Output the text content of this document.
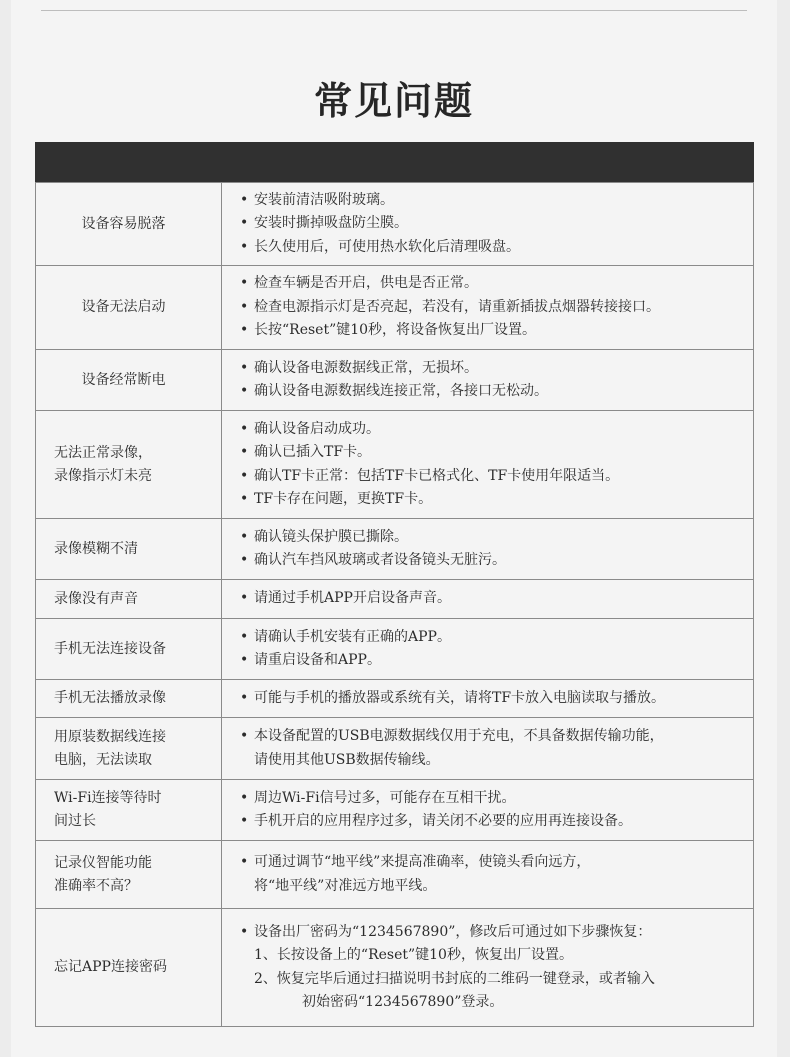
常见问题
设备容易脱落
• 安装前清洁吸附玻璃。
• 安装时撕掉吸盘防尘膜。
• 长久使用后，可使用热水软化后清理吸盘。
设备无法启动
• 检查车辆是否开启，供电是否正常。
• 检查电源指示灯是否亮起，若没有，请重新插拔点烟器转接接口。
• 长按“Reset”键10秒，将设备恢复出厂设置。
设备经常断电
• 确认设备电源数据线正常，无损坏。
• 确认设备电源数据线连接正常，各接口无松动。
无法正常录像，
录像指示灯未亮
• 确认设备启动成功。
• 确认已插入TF卡。
• 确认TF卡正常：包括TF卡已格式化、TF卡使用年限适当。
• TF卡存在问题，更换TF卡。
录像模糊不清
• 确认镜头保护膜已撕除。
• 确认汽车挡风玻璃或者设备镜头无脏污。
录像没有声音	• 请通过手机APP开启设备声音。
手机无法连接设备
• 请确认手机安装有正确的APP。
• 请重启设备和APP。
手机无法播放录像	• 可能与手机的播放器或系统有关，请将TF卡放入电脑读取与播放。
用原装数据线连接
电脑，无法读取
• 本设备配置的USB电源数据线仅用于充电，不具备数据传输功能，
请使用其他USB数据传输线。
Wi-Fi连接等待时
间过长
• 周边Wi-Fi信号过多，可能存在互相干扰。
• 手机开启的应用程序过多，请关闭不必要的应用再连接设备。
记录仪智能功能
准确率不高？
• 可通过调节“地平线”来提高准确率，使镜头看向远方，
将“地平线”对准远方地平线。
忘记APP连接密码
• 设备出厂密码为“1234567890”，修改后可通过如下步骤恢复：
1、长按设备上的“Reset”键10秒，恢复出厂设置。
2、恢复完毕后通过扫描说明书封底的二维码一键登录，或者输入
初始密码“1234567890”登录。
